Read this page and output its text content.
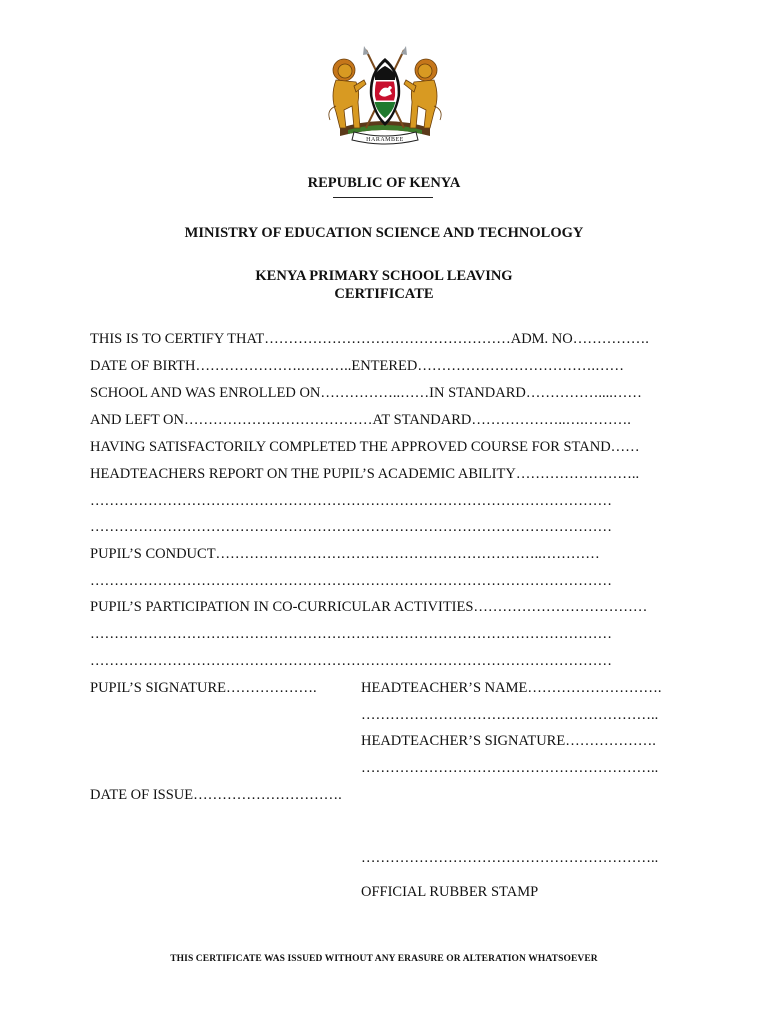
HARAMBEE
REPUBLIC OF KENYA
MINISTRY OF EDUCATION SCIENCE AND TECHNOLOGY
KENYA PRIMARY SCHOOL LEAVING
CERTIFICATE
THIS IS TO CERTIFY THAT……………………………………………ADM. NO…………….
DATE OF BIRTH………………….………..ENTERED……………………………….……
SCHOOL AND WAS ENROLLED ON……………..……IN STANDARD……………....……
AND LEFT ON…………………………………AT STANDARD………………..….……….
HAVING SATISFACTORILY COMPLETED THE APPROVED COURSE FOR STAND……
HEADTEACHERS REPORT ON THE PUPIL’S ACADEMIC ABILITY……………………..
………………………………………………………………………………………………
………………………………………………………………………………………………
PUPIL’S CONDUCT…………………………………………………………..…………
………………………………………………………………………………………………
PUPIL’S PARTICIPATION IN CO-CURRICULAR ACTIVITIES………………………………
………………………………………………………………………………………………
………………………………………………………………………………………………
PUPIL’S SIGNATURE……………….	HEADTEACHER’S NAME……………………….
……………………………………………………..
HEADTEACHER’S SIGNATURE……………….
……………………………………………………..
DATE OF ISSUE………………………….
……………………………………………………..
OFFICIAL RUBBER STAMP
THIS CERTIFICATE WAS ISSUED WITHOUT ANY ERASURE OR ALTERATION WHATSOEVER
